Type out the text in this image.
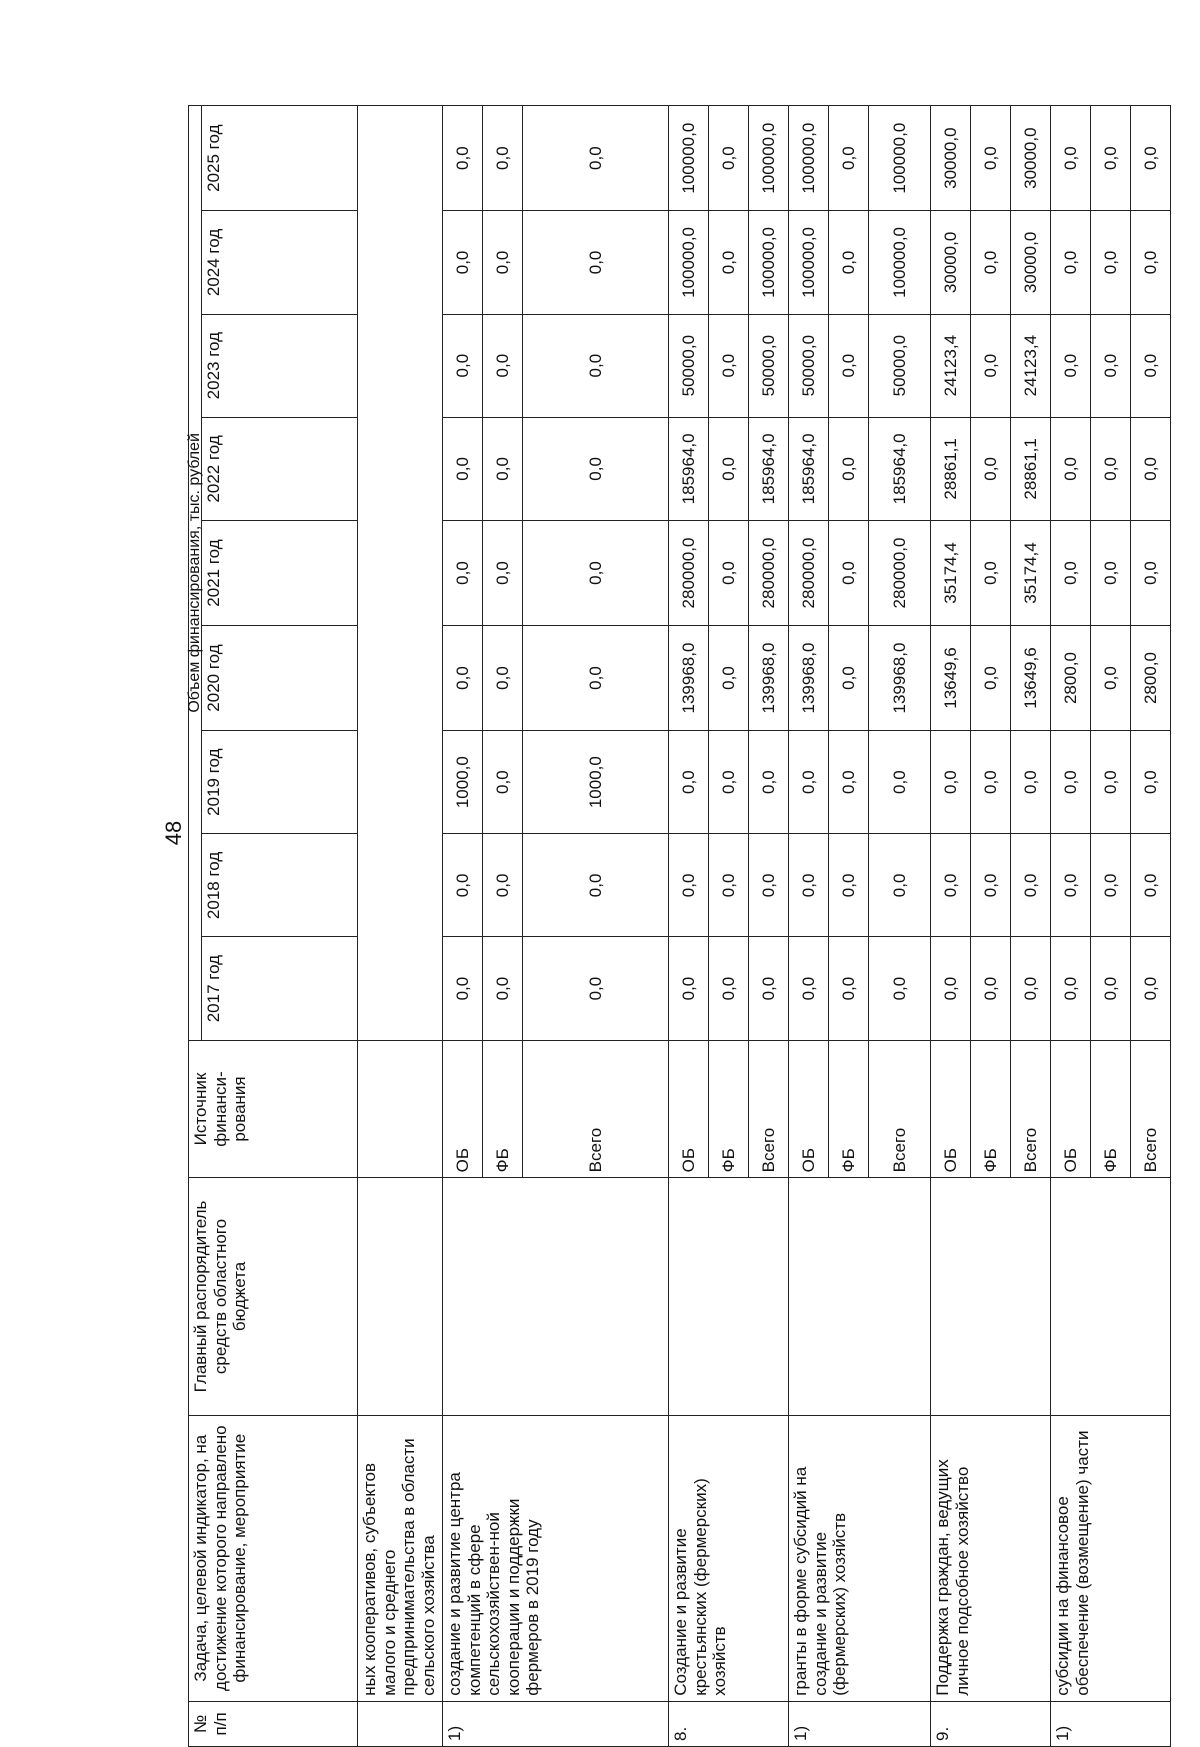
48
№ п/п	Задача, целевой индикатор, на достижение которого направлено финансирование, мероприятие	Главный распорядитель средств областного бюджета	Источник финанси-рования	Объем финансирования, тыс. рублей								
				2017 год	2018 год	2019 год	2020 год	2021 год	2022 год	2023 год	2024 год	2025 год
	ных кооперативов, субъектов малого и среднего предпринимательства в области сельского хозяйства											
1)	создание и развитие центра компетенций в сфере сельскохозяйствен-ной кооперации и поддержки фермеров в 2019 году		ОБ	0,0	0,0	1000,0	0,0	0,0	0,0	0,0	0,0	0,0
			ФБ	0,0	0,0	0,0	0,0	0,0	0,0	0,0	0,0	0,0
			Всего	0,0	0,0	1000,0	0,0	0,0	0,0	0,0	0,0	0,0
8.	Создание и развитие крестьянских (фермерских) хозяйств		ОБ	0,0	0,0	0,0	139968,0	280000,0	185964,0	50000,0	100000,0	100000,0
			ФБ	0,0	0,0	0,0	0,0	0,0	0,0	0,0	0,0	0,0
			Всего	0,0	0,0	0,0	139968,0	280000,0	185964,0	50000,0	100000,0	100000,0
1)	гранты в форме субсидий на создание и развитие (фермерских) хозяйств		ОБ	0,0	0,0	0,0	139968,0	280000,0	185964,0	50000,0	100000,0	100000,0
			ФБ	0,0	0,0	0,0	0,0	0,0	0,0	0,0	0,0	0,0
			Всего	0,0	0,0	0,0	139968,0	280000,0	185964,0	50000,0	100000,0	100000,0
9.	Поддержка граждан, ведущих личное подсобное хозяйство		ОБ	0,0	0,0	0,0	13649,6	35174,4	28861,1	24123,4	30000,0	30000,0
			ФБ	0,0	0,0	0,0	0,0	0,0	0,0	0,0	0,0	0,0
			Всего	0,0	0,0	0,0	13649,6	35174,4	28861,1	24123,4	30000,0	30000,0
1)	субсидии на финансовое обеспечение (возмещение) части		ОБ	0,0	0,0	0,0	2800,0	0,0	0,0	0,0	0,0	0,0
			ФБ	0,0	0,0	0,0	0,0	0,0	0,0	0,0	0,0	0,0
			Всего	0,0	0,0	0,0	2800,0	0,0	0,0	0,0	0,0	0,0
